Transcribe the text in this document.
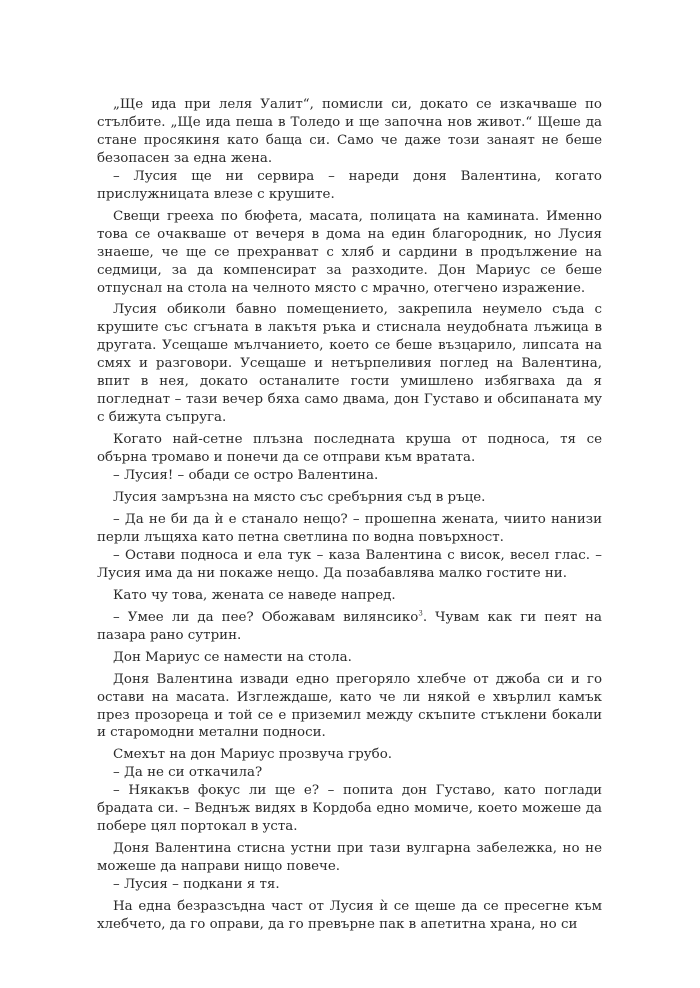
„Ще ида при леля Уалит“, помисли си, докато се изкачваше по стълбите. „Ще ида пеша в Толедо и ще започна нов живот.“ Щеше да стане просякиня като баща си. Само че даже този занаят не беше безопасен за една жена.

– Лусия ще ни сервира – нареди доня Валентина, когато прислужницата влезе с крушите.

Свещи грееха по бюфета, масата, полицата на камината. Именно това се очакваше от вечеря в дома на един благородник, но Лусия знаеше, че ще се прехранват с хляб и сардини в продължение на седмици, за да компенсират за разходите. Дон Мариус се беше отпуснал на стола на челното място с мрачно, отегчено изражение.

Лусия обиколи бавно помещението, закрепила неумело съда с крушите със сгъната в лакътя ръка и стиснала неудобната лъжица в другата. Усещаше мълчанието, което се беше възцарило, липсата на смях и разговори. Усещаше и нетърпеливия поглед на Валентина, впит в нея, докато останалите гости умишлено избягваха да я погледнат – тази вечер бяха само двама, дон Густаво и обсипаната му с бижута съпруга.

Когато най-сетне плъзна последната круша от подноса, тя се обърна тромаво и понечи да се отправи към вратата.

– Лусия! – обади се остро Валентина.

Лусия замръзна на място със сребърния съд в ръце.

– Да не би да ѝ е станало нещо? – прошепна жената, чиито нанизи перли лъщяха като петна светлина по водна повърхност.

– Остави подноса и ела тук – каза Валентина с висок, весел глас. – Лусия има да ни покаже нещо. Да позабавлява малко гостите ни.

Като чу това, жената се наведе напред.

– Умее ли да пее? Обожавам вилянсико$^3$. Чувам как ги пеят на пазара рано сутрин.

Дон Мариус се намести на стола.

Доня Валентина извади едно прегоряло хлебче от джоба си и го остави на масата. Изглеждаше, като че ли някой е хвърлил камък през прозореца и той се е приземил между скъпите стъклени бокали и старомодни метални подноси.

Смехът на дон Мариус прозвуча грубо.

– Да не си откачила?

– Някакъв фокус ли ще е? – попита дон Густаво, като поглади брадата си. – Веднъж видях в Кордоба едно момиче, което можеше да побере цял портокал в уста.

Доня Валентина стисна устни при тази вулгарна забележка, но не можеше да направи нищо повече.

– Лусия – подкани я тя.

На една безразсъдна част от Лусия ѝ се щеше да се пресегне към хлебчето, да го оправи, да го превърне пак в апетитна храна, но си
